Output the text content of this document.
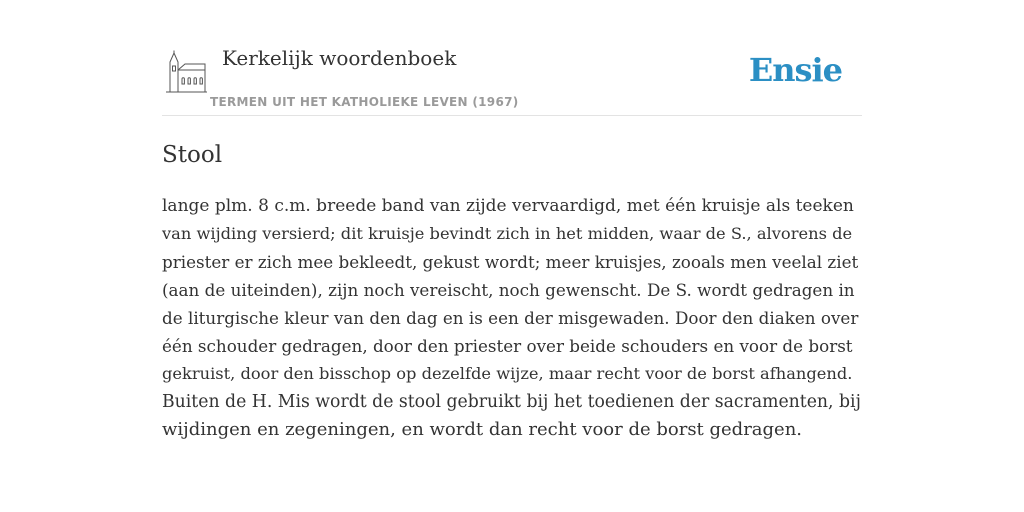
Kerkelijk woordenboek
TERMEN UIT HET KATHOLIEKE LEVEN (1967)
Ensie
Stool

lange plm. 8 c.m. breede band van zijde vervaardigd, met één kruisje als teeken
van wijding versierd; dit kruisje bevindt zich in het midden, waar de S., alvorens de
priester er zich mee bekleedt, gekust wordt; meer kruisjes, zooals men veelal ziet
(aan de uiteinden), zijn noch vereischt, noch gewenscht. De S. wordt gedragen in
de liturgische kleur van den dag en is een der misgewaden. Door den diaken over
één schouder gedragen, door den priester over beide schouders en voor de borst
gekruist, door den bisschop op dezelfde wijze, maar recht voor de borst afhangend.
Buiten de H. Mis wordt de stool gebruikt bij het toedienen der sacramenten, bij
wijdingen en zegeningen, en wordt dan recht voor de borst gedragen.
